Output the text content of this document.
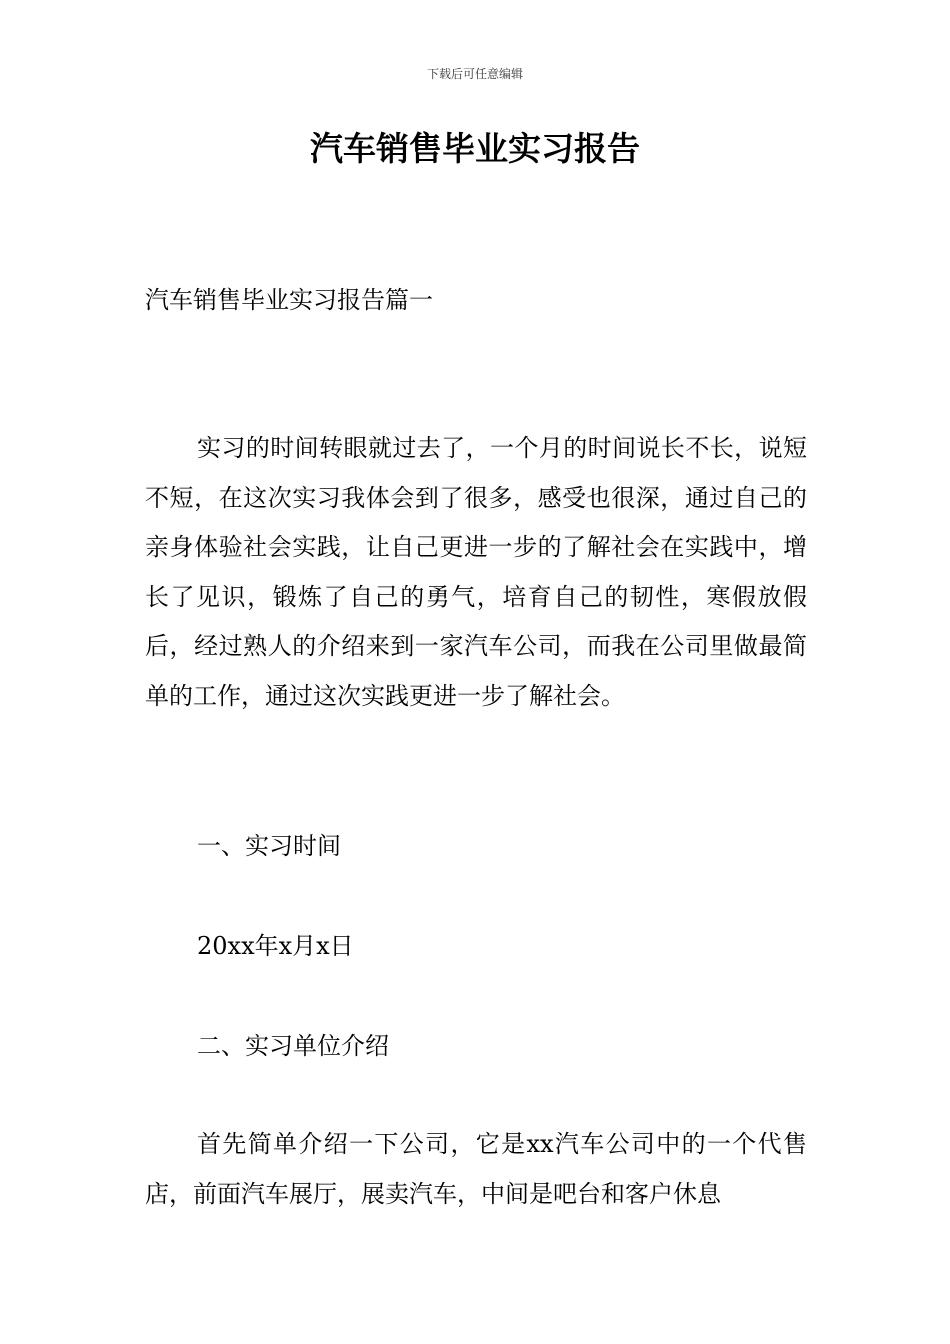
下载后可任意编辑
汽车销售毕业实习报告

汽车销售毕业实习报告篇一

实习的时间转眼就过去了，一个月的时间说长不长，说短不短，在这次实习我体会到了很多，感受也很深，通过自己的亲身体验社会实践，让自己更进一步的了解社会在实践中，增长了见识，锻炼了自己的勇气，培育自己的韧性，寒假放假后，经过熟人的介绍来到一家汽车公司，而我在公司里做最简单的工作，通过这次实践更进一步了解社会。

一、实习时间

20xx年x月x日

二、实习单位介绍

首先简单介绍一下公司，它是xx汽车公司中的一个代售店，前面汽车展厅，展卖汽车，中间是吧台和客户休息
